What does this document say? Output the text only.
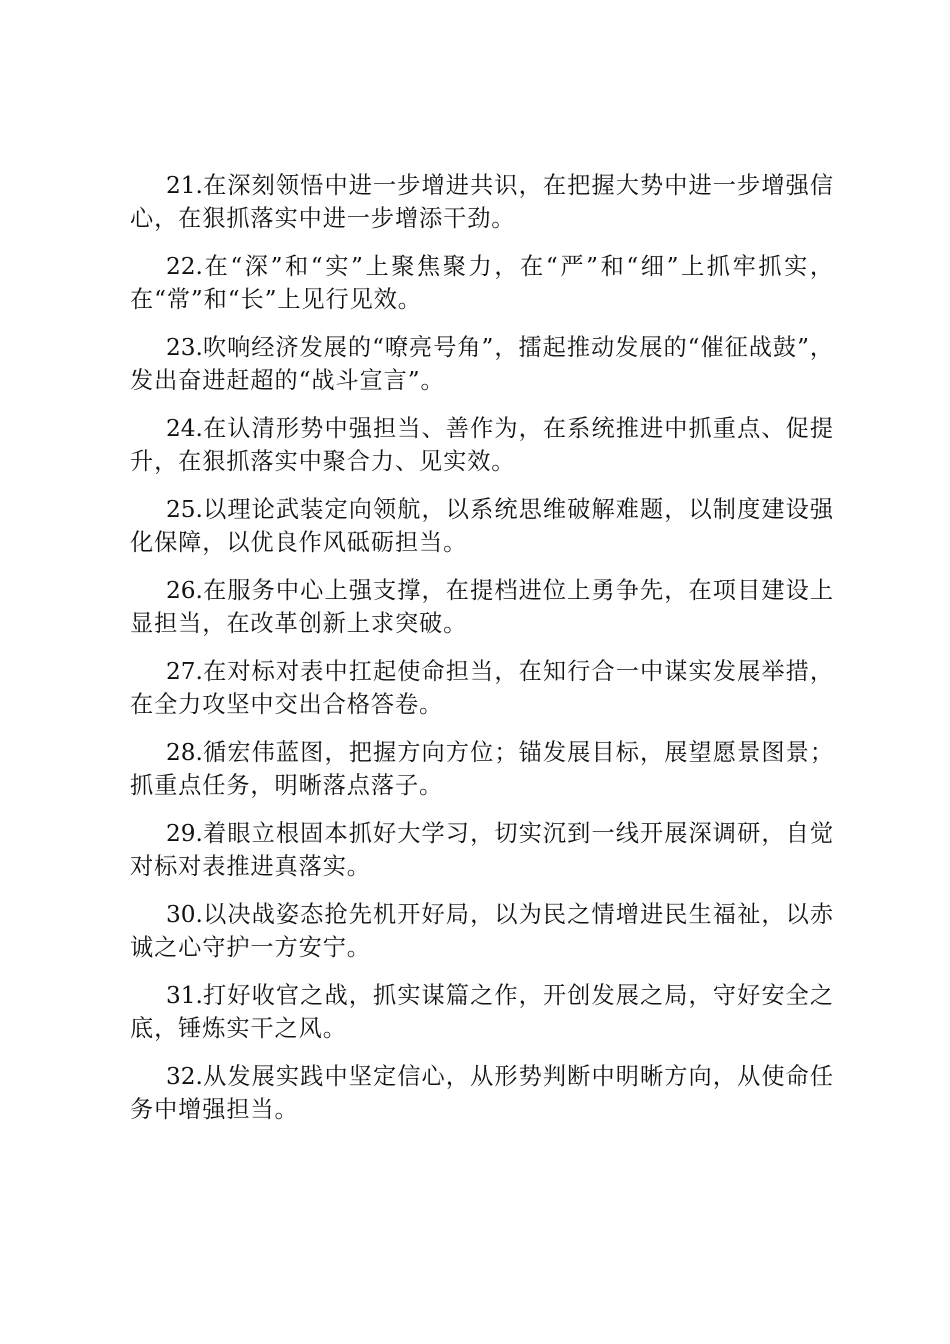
21.在深刻领悟中进一步增进共识，在把握大势中进一步增强信心，在狠抓落实中进一步增添干劲。

22.在“深”和“实”上聚焦聚力，在“严”和“细”上抓牢抓实，在“常”和“长”上见行见效。

23.吹响经济发展的“嘹亮号角”，擂起推动发展的“催征战鼓”，发出奋进赶超的“战斗宣言”。

24.在认清形势中强担当、善作为，在系统推进中抓重点、促提升，在狠抓落实中聚合力、见实效。

25.以理论武装定向领航，以系统思维破解难题，以制度建设强化保障，以优良作风砥砺担当。

26.在服务中心上强支撑，在提档进位上勇争先，在项目建设上显担当，在改革创新上求突破。

27.在对标对表中扛起使命担当，在知行合一中谋实发展举措，在全力攻坚中交出合格答卷。

28.循宏伟蓝图，把握方向方位；锚发展目标，展望愿景图景；抓重点任务，明晰落点落子。

29.着眼立根固本抓好大学习，切实沉到一线开展深调研，自觉对标对表推进真落实。

30.以决战姿态抢先机开好局，以为民之情增进民生福祉，以赤诚之心守护一方安宁。

31.打好收官之战，抓实谋篇之作，开创发展之局，守好安全之底，锤炼实干之风。

32.从发展实践中坚定信心，从形势判断中明晰方向，从使命任务中增强担当。
